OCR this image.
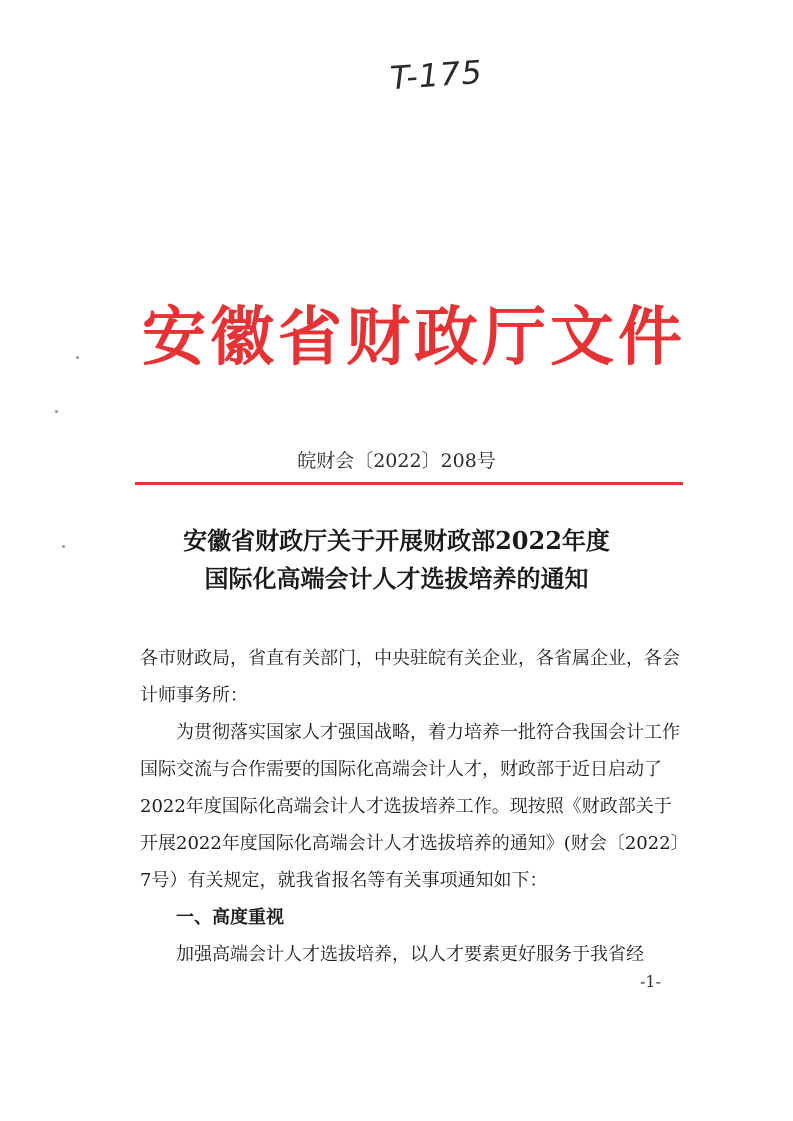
T-175
安徽省财政厅文件
皖财会〔2022〕208号
安徽省财政厅关于开展财政部2022年度
国际化高端会计人才选拔培养的通知

各市财政局，省直有关部门，中央驻皖有关企业，各省属企业，各会计师事务所：

为贯彻落实国家人才强国战略，着力培养一批符合我国会计工作国际交流与合作需要的国际化高端会计人才，财政部于近日启动了2022年度国际化高端会计人才选拔培养工作。现按照《财政部关于开展2022年度国际化高端会计人才选拔培养的通知》(财会〔2022〕7号）有关规定，就我省报名等有关事项通知如下：

一、高度重视

加强高端会计人才选拔培养，以人才要素更好服务于我省经

-1-
